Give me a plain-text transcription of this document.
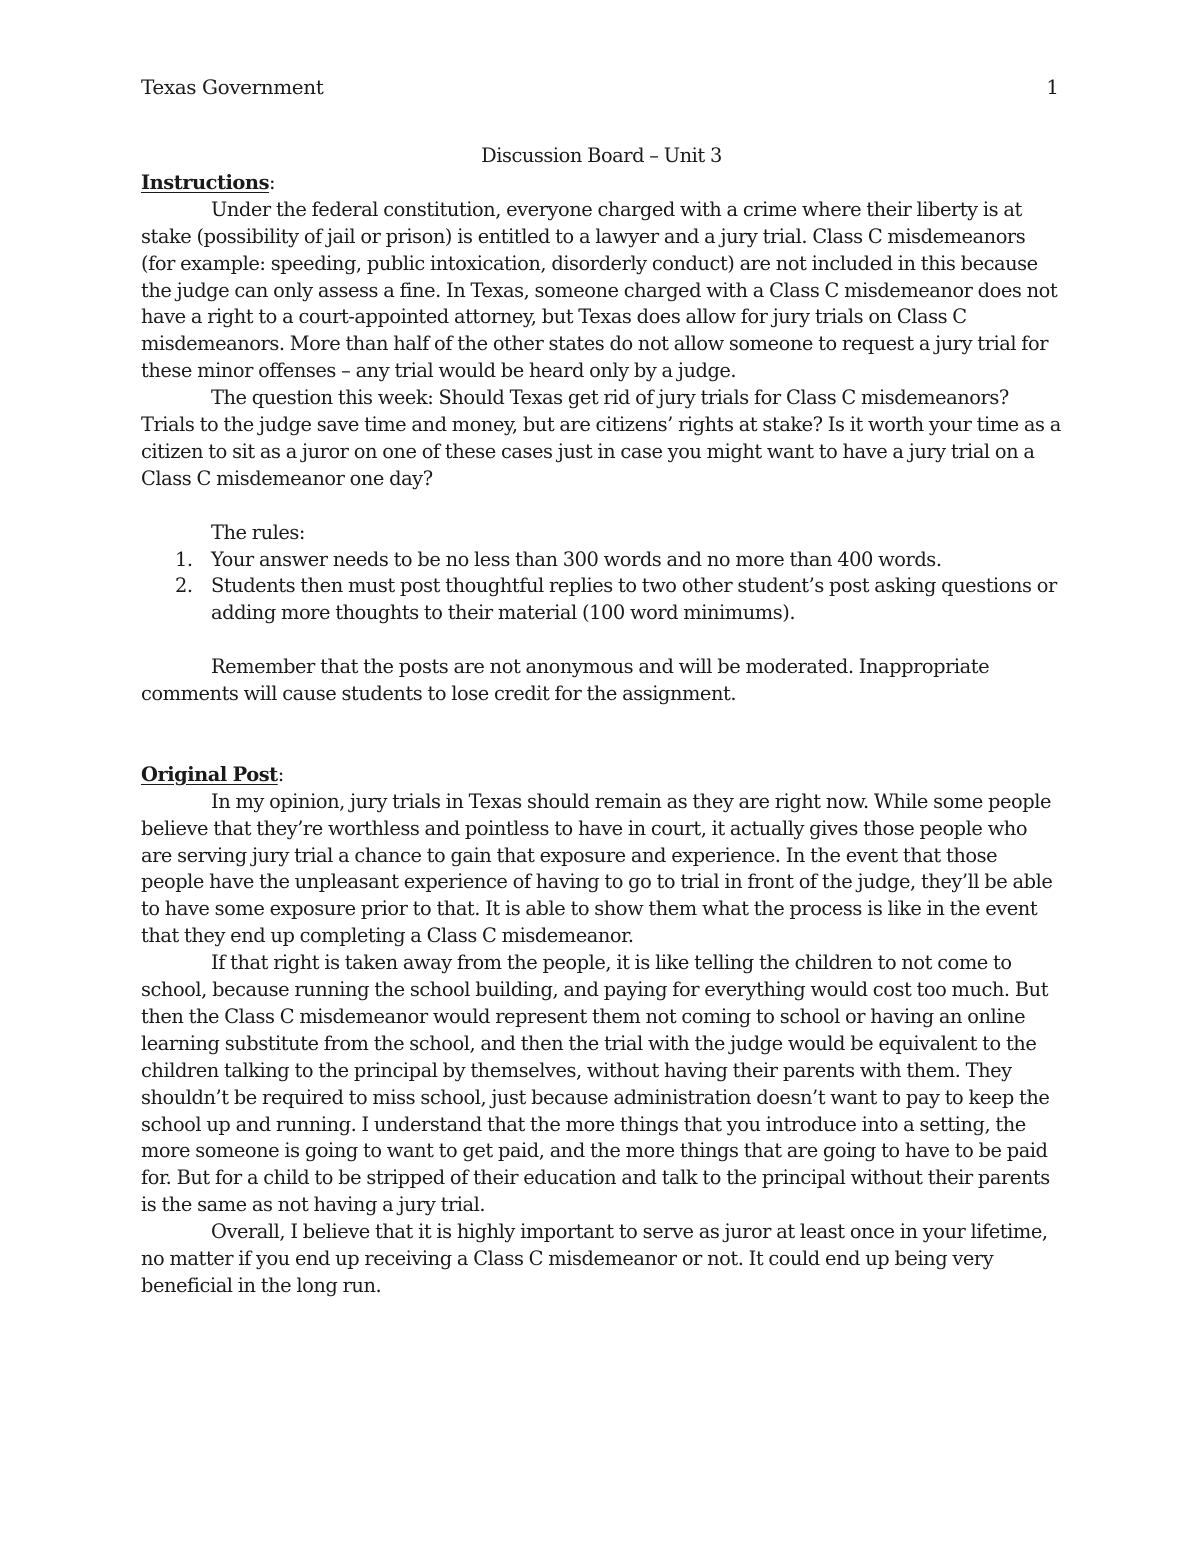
Texas Government	1

Discussion Board – Unit 3

Instructions:

Under the federal constitution, everyone charged with a crime where their liberty is at stake (possibility of jail or prison) is entitled to a lawyer and a jury trial. Class C misdemeanors (for example: speeding, public intoxication, disorderly conduct) are not included in this because the judge can only assess a fine. In Texas, someone charged with a Class C misdemeanor does not have a right to a court-appointed attorney, but Texas does allow for jury trials on Class C misdemeanors. More than half of the other states do not allow someone to request a jury trial for these minor offenses – any trial would be heard only by a judge.

The question this week: Should Texas get rid of jury trials for Class C misdemeanors? Trials to the judge save time and money, but are citizens’ rights at stake? Is it worth your time as a citizen to sit as a juror on one of these cases just in case you might want to have a jury trial on a Class C misdemeanor one day?

The rules:

1. Your answer needs to be no less than 300 words and no more than 400 words.
2. Students then must post thoughtful replies to two other student’s post asking questions or adding more thoughts to their material (100 word minimums).

Remember that the posts are not anonymous and will be moderated. Inappropriate comments will cause students to lose credit for the assignment.

Original Post:

In my opinion, jury trials in Texas should remain as they are right now. While some people believe that they’re worthless and pointless to have in court, it actually gives those people who are serving jury trial a chance to gain that exposure and experience. In the event that those people have the unpleasant experience of having to go to trial in front of the judge, they’ll be able to have some exposure prior to that. It is able to show them what the process is like in the event that they end up completing a Class C misdemeanor.

If that right is taken away from the people, it is like telling the children to not come to school, because running the school building, and paying for everything would cost too much. But then the Class C misdemeanor would represent them not coming to school or having an online learning substitute from the school, and then the trial with the judge would be equivalent to the children talking to the principal by themselves, without having their parents with them. They shouldn’t be required to miss school, just because administration doesn’t want to pay to keep the school up and running. I understand that the more things that you introduce into a setting, the more someone is going to want to get paid, and the more things that are going to have to be paid for. But for a child to be stripped of their education and talk to the principal without their parents is the same as not having a jury trial.

Overall, I believe that it is highly important to serve as juror at least once in your lifetime, no matter if you end up receiving a Class C misdemeanor or not. It could end up being very beneficial in the long run.
